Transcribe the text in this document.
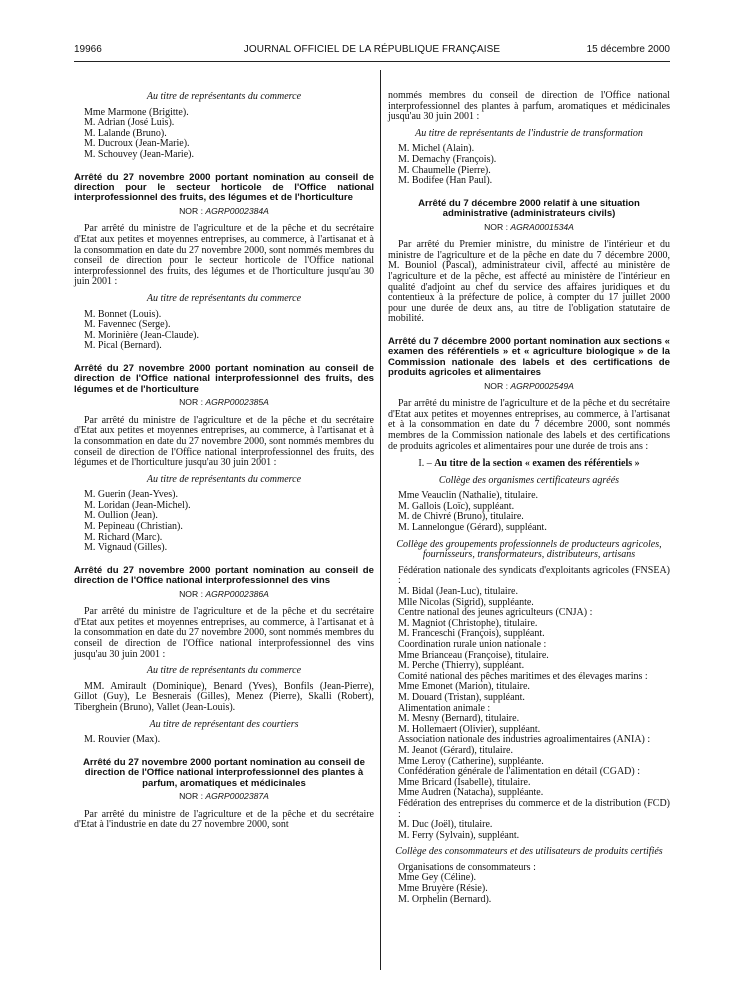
19966	JOURNAL OFFICIEL DE LA RÉPUBLIQUE FRANÇAISE	15 décembre 2000
Au titre de représentants du commerce
Mme Marmone (Brigitte).
M. Adrian (José Luis).
M. Lalande (Bruno).
M. Ducroux (Jean-Marie).
M. Schouvey (Jean-Marie).
Arrêté du 27 novembre 2000 portant nomination au conseil de direction pour le secteur horticole de l'Office national interprofessionnel des fruits, des légumes et de l'horticulture
NOR : AGRP0002384A
Par arrêté du ministre de l'agriculture et de la pêche et du secrétaire d'Etat aux petites et moyennes entreprises, au commerce, à l'artisanat et à la consommation en date du 27 novembre 2000, sont nommés membres du conseil de direction pour le secteur horticole de l'Office national interprofessionnel des fruits, des légumes et de l'horticulture jusqu'au 30 juin 2001 :
Au titre de représentants du commerce
M. Bonnet (Louis).
M. Favennec (Serge).
M. Morinière (Jean-Claude).
M. Pical (Bernard).
Arrêté du 27 novembre 2000 portant nomination au conseil de direction de l'Office national interprofessionnel des fruits, des légumes et de l'horticulture
NOR : AGRP0002385A
Par arrêté du ministre de l'agriculture et de la pêche et du secrétaire d'Etat aux petites et moyennes entreprises, au commerce, à l'artisanat et à la consommation en date du 27 novembre 2000, sont nommés membres du conseil de direction de l'Office national interprofessionnel des fruits, des légumes et de l'horticulture jusqu'au 30 juin 2001 :
Au titre de représentants du commerce
M. Guerin (Jean-Yves).
M. Loridan (Jean-Michel).
M. Oullion (Jean).
M. Pepineau (Christian).
M. Richard (Marc).
M. Vignaud (Gilles).
Arrêté du 27 novembre 2000 portant nomination au conseil de direction de l'Office national interprofessionnel des vins
NOR : AGRP0002386A
Par arrêté du ministre de l'agriculture et de la pêche et du secrétaire d'Etat aux petites et moyennes entreprises, au commerce, à l'artisanat et à la consommation en date du 27 novembre 2000, sont nommés membres du conseil de direction de l'Office national interprofessionnel des vins jusqu'au 30 juin 2001 :
Au titre de représentants du commerce
MM. Amirault (Dominique), Benard (Yves), Bonfils (Jean-Pierre), Gillot (Guy), Le Besnerais (Gilles), Menez (Pierre), Skalli (Robert), Tiberghein (Bruno), Vallet (Jean-Louis).
Au titre de représentant des courtiers
M. Rouvier (Max).
Arrêté du 27 novembre 2000 portant nomination au conseil de direction de l'Office national interprofessionnel des plantes à parfum, aromatiques et médicinales
NOR : AGRP0002387A
Par arrêté du ministre de l'agriculture et de la pêche et du secrétaire d'Etat à l'industrie en date du 27 novembre 2000, sont
nommés membres du conseil de direction de l'Office national interprofessionnel des plantes à parfum, aromatiques et médicinales jusqu'au 30 juin 2001 :
Au titre de représentants de l'industrie de transformation
M. Michel (Alain).
M. Demachy (François).
M. Chaumelle (Pierre).
M. Bodifee (Han Paul).
Arrêté du 7 décembre 2000 relatif à une situation administrative (administrateurs civils)
NOR : AGRA0001534A
Par arrêté du Premier ministre, du ministre de l'intérieur et du ministre de l'agriculture et de la pêche en date du 7 décembre 2000, M. Bouniol (Pascal), administrateur civil, affecté au ministère de l'agriculture et de la pêche, est affecté au ministère de l'intérieur en qualité d'adjoint au chef du service des affaires juridiques et du contentieux à la préfecture de police, à compter du 17 juillet 2000 pour une durée de deux ans, au titre de l'obligation statutaire de mobilité.
Arrêté du 7 décembre 2000 portant nomination aux sections « examen des référentiels » et « agriculture biologique » de la Commission nationale des labels et des certifications de produits agricoles et alimentaires
NOR : AGRP0002549A
Par arrêté du ministre de l'agriculture et de la pêche et du secrétaire d'Etat aux petites et moyennes entreprises, au commerce, à l'artisanat et à la consommation en date du 7 décembre 2000, sont nommés membres de la Commission nationale des labels et des certifications de produits agricoles et alimentaires pour une durée de trois ans :
I. – Au titre de la section « examen des référentiels »
Collège des organismes certificateurs agréés
Mme Veauclin (Nathalie), titulaire.
M. Gallois (Loïc), suppléant.
M. de Chivré (Bruno), titulaire.
M. Lannelongue (Gérard), suppléant.
Collège des groupements professionnels de producteurs agricoles, fournisseurs, transformateurs, distributeurs, artisans
Fédération nationale des syndicats d'exploitants agricoles (FNSEA) :
M. Bidal (Jean-Luc), titulaire.
Mlle Nicolas (Sigrid), suppléante.
Centre national des jeunes agriculteurs (CNJA) :
M. Magniot (Christophe), titulaire.
M. Franceschi (François), suppléant.
Coordination rurale union nationale :
Mme Brianceau (Françoise), titulaire.
M. Perche (Thierry), suppléant.
Comité national des pêches maritimes et des élevages marins :
Mme Emonet (Marion), titulaire.
M. Douard (Tristan), suppléant.
Alimentation animale :
M. Mesny (Bernard), titulaire.
M. Hollemaert (Olivier), suppléant.
Association nationale des industries agroalimentaires (ANIA) :
M. Jeanot (Gérard), titulaire.
Mme Leroy (Catherine), suppléante.
Confédération générale de l'alimentation en détail (CGAD) :
Mme Bricard (Isabelle), titulaire.
Mme Audren (Natacha), suppléante.
Fédération des entreprises du commerce et de la distribution (FCD) :
M. Duc (Joël), titulaire.
M. Ferry (Sylvain), suppléant.
Collège des consommateurs et des utilisateurs de produits certifiés
Organisations de consommateurs :
Mme Gey (Céline).
Mme Bruyère (Résie).
M. Orphelin (Bernard).
